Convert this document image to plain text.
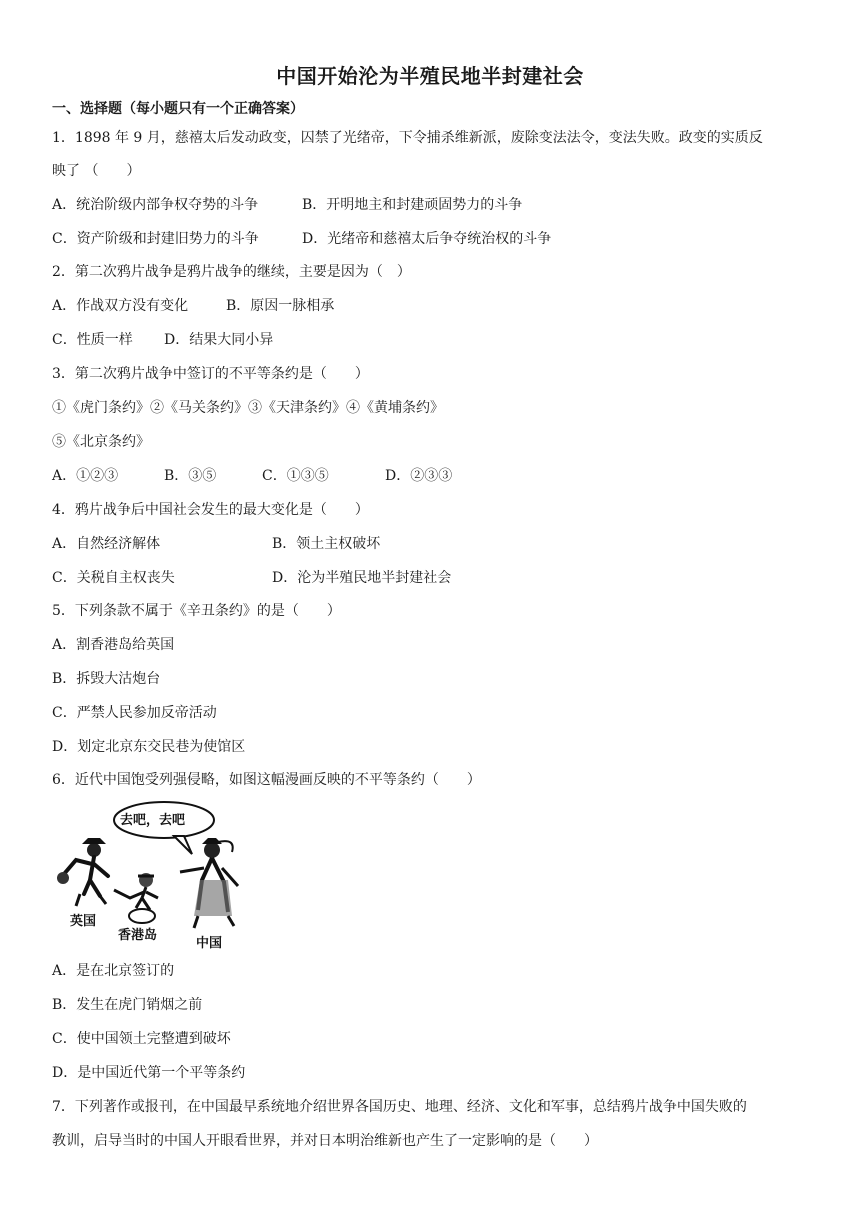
中国开始沦为半殖民地半封建社会
一、选择题（每小题只有一个正确答案）
1．1898 年 9 月，慈禧太后发动政变，囚禁了光绪帝，下令捕杀维新派，废除变法法令，变法失败。政变的实质反
映了 （　　）
A．统治阶级内部争权夺势的斗争	B．开明地主和封建顽固势力的斗争
C．资产阶级和封建旧势力的斗争	D．光绪帝和慈禧太后争夺统治权的斗争
2．第二次鸦片战争是鸦片战争的继续，主要是因为（　）
A．作战双方没有变化	B．原因一脉相承
C．性质一样 D．结果大同小异
3．第二次鸦片战争中签订的不平等条约是（　　）
①《虎门条约》②《马关条约》③《天津条约》④《黄埔条约》
⑤《北京条约》
A．①②③	B．③⑤	C．①③⑤	D．②③③
4．鸦片战争后中国社会发生的最大变化是（　　）
A．自然经济解体	B．领土主权破坏
C．关税自主权丧失	D．沦为半殖民地半封建社会
5．下列条款不属于《辛丑条约》的是（　　）
A．割香港岛给英国
B．拆毁大沽炮台
C．严禁人民参加反帝活动
D．划定北京东交民巷为使馆区
6．近代中国饱受列强侵略，如图这幅漫画反映的不平等条约（　　）
去吧，去吧
英国
香港岛
中国
A．是在北京签订的
B．发生在虎门销烟之前
C．使中国领土完整遭到破坏
D．是中国近代第一个平等条约
7．下列著作或报刊，在中国最早系统地介绍世界各国历史、地理、经济、文化和军事，总结鸦片战争中国失败的
教训，启导当时的中国人开眼看世界，并对日本明治维新也产生了一定影响的是（　　）
